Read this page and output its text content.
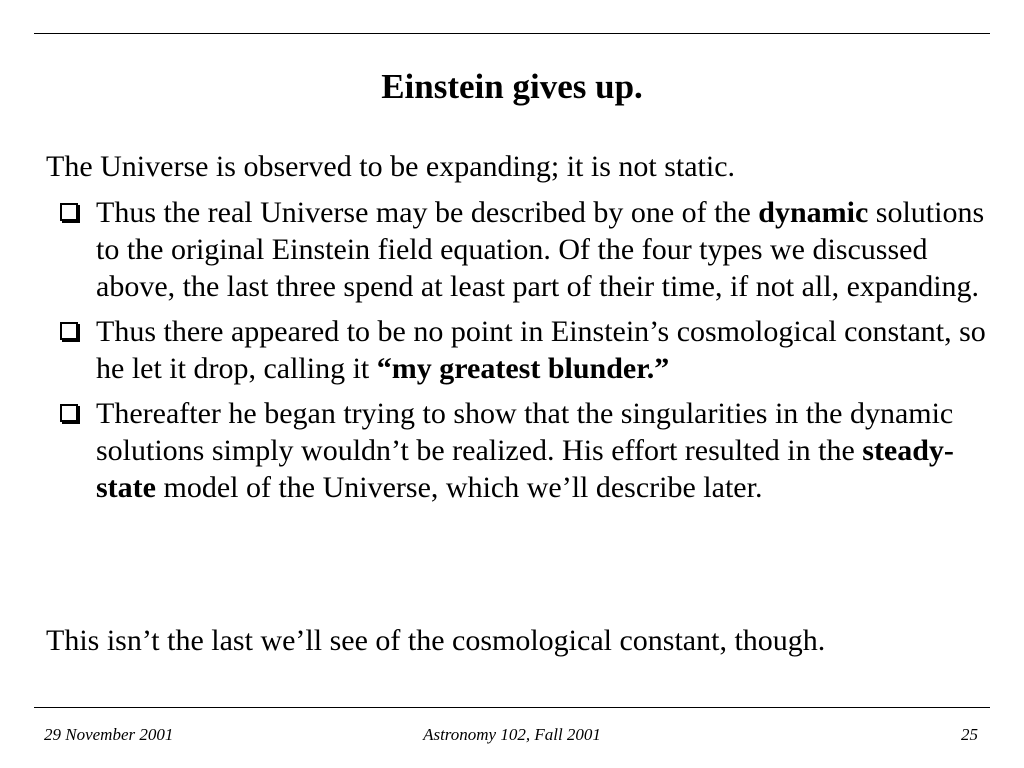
Einstein gives up.
The Universe is observed to be expanding; it is not static.
Thus the real Universe may be described by one of the dynamic solutions to the original Einstein field equation. Of the four types we discussed above, the last three spend at least part of their time, if not all, expanding.
Thus there appeared to be no point in Einstein’s cosmological constant, so he let it drop, calling it “my greatest blunder.”
Thereafter he began trying to show that the singularities in the dynamic solutions simply wouldn’t be realized. His effort resulted in the steady-state model of the Universe, which we’ll describe later.
This isn’t the last we’ll see of the cosmological constant, though.
29 November 2001	Astronomy 102, Fall 2001	25
